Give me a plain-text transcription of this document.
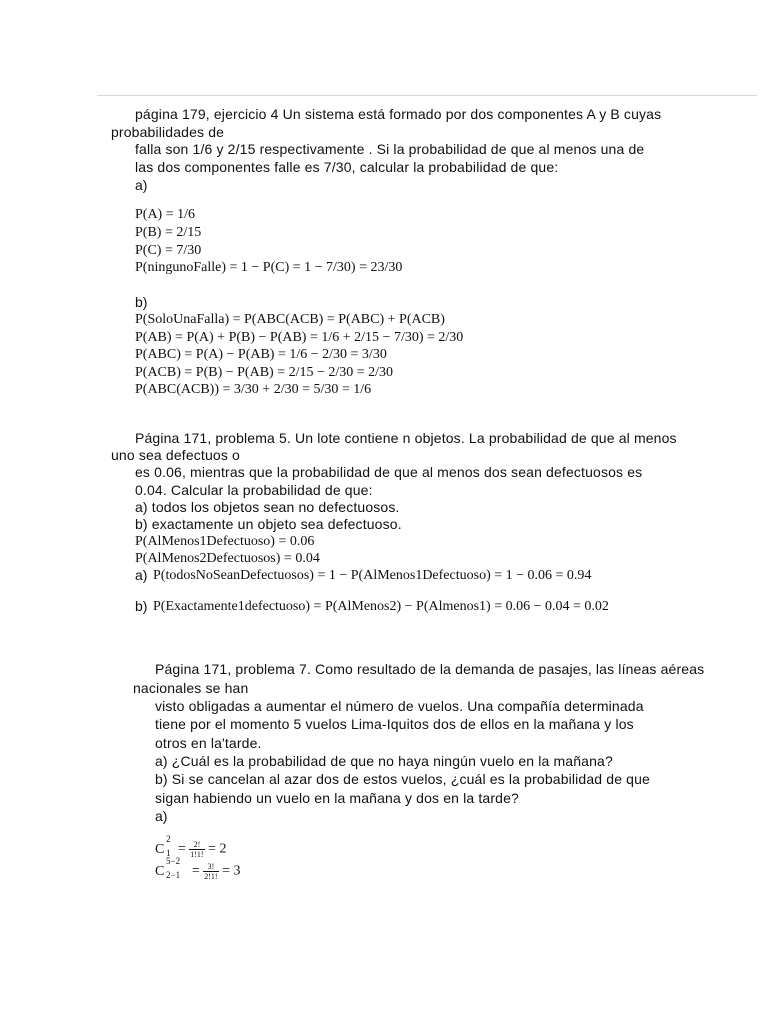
página 179, ejercicio 4 Un sistema está formado por dos componentes A y B cuyas
probabilidades de
falla son 1/6 y 2/15 respectivamente . Si la probabilidad de que al menos una de
las dos componentes falle es 7/30, calcular la probabilidad de que:
a)
P(A) = 1/6
P(B) = 2/15
P(C) = 7/30
P(ningunoFalle) = 1 − P(C) = 1 − 7/30) = 23/30
b)
P(SoloUnaFalla) = P(ABC(ACB) = P(ABC) + P(ACB)
P(AB) = P(A) + P(B) − P(AB) = 1/6 + 2/15 − 7/30) = 2/30
P(ABC) = P(A) − P(AB) = 1/6 − 2/30 = 3/30
P(ACB) = P(B) − P(AB) = 2/15 − 2/30 = 2/30
P(ABC(ACB)) = 3/30 + 2/30 = 5/30 = 1/6
Página 171, problema 5. Un lote contiene n objetos. La probabilidad de que al menos
uno sea defectuos o
es 0.06, mientras que la probabilidad de que al menos dos sean defectuosos es
0.04. Calcular la probabilidad de que:
a) todos los objetos sean no defectuosos.
b) exactamente un objeto sea defectuoso.
P(AlMenos1Defectuoso) = 0.06
P(AlMenos2Defectuosos) = 0.04
a) P(todosNoSeanDefectuosos) = 1 − P(AlMenos1Defectuoso) = 1 − 0.06 = 0.94
b) P(Exactamente1defectuoso) = P(AlMenos2) − P(Almenos1) = 0.06 − 0.04 = 0.02
Página 171, problema 7. Como resultado de la demanda de pasajes, las líneas aéreas
nacionales se han
visto obligadas a aumentar el número de vuelos. Una compañía determinada
tiene por el momento 5 vuelos Lima-Iquitos dos de ellos en la mañana y los
otros en la'tarde.
a) ¿Cuál es la probabilidad de que no haya ningún vuelo en la mañana?
b) Si se cancelan al azar dos de estos vuelos, ¿cuál es la probabilidad de que
sigan habiendo un vuelo en la mañana y dos en la tarde?
a)
C
2
$1 = \frac{2!}{1!1!} = 2$
C
5−2
$2-1 = \frac{3!}{2!1!} = 3$
